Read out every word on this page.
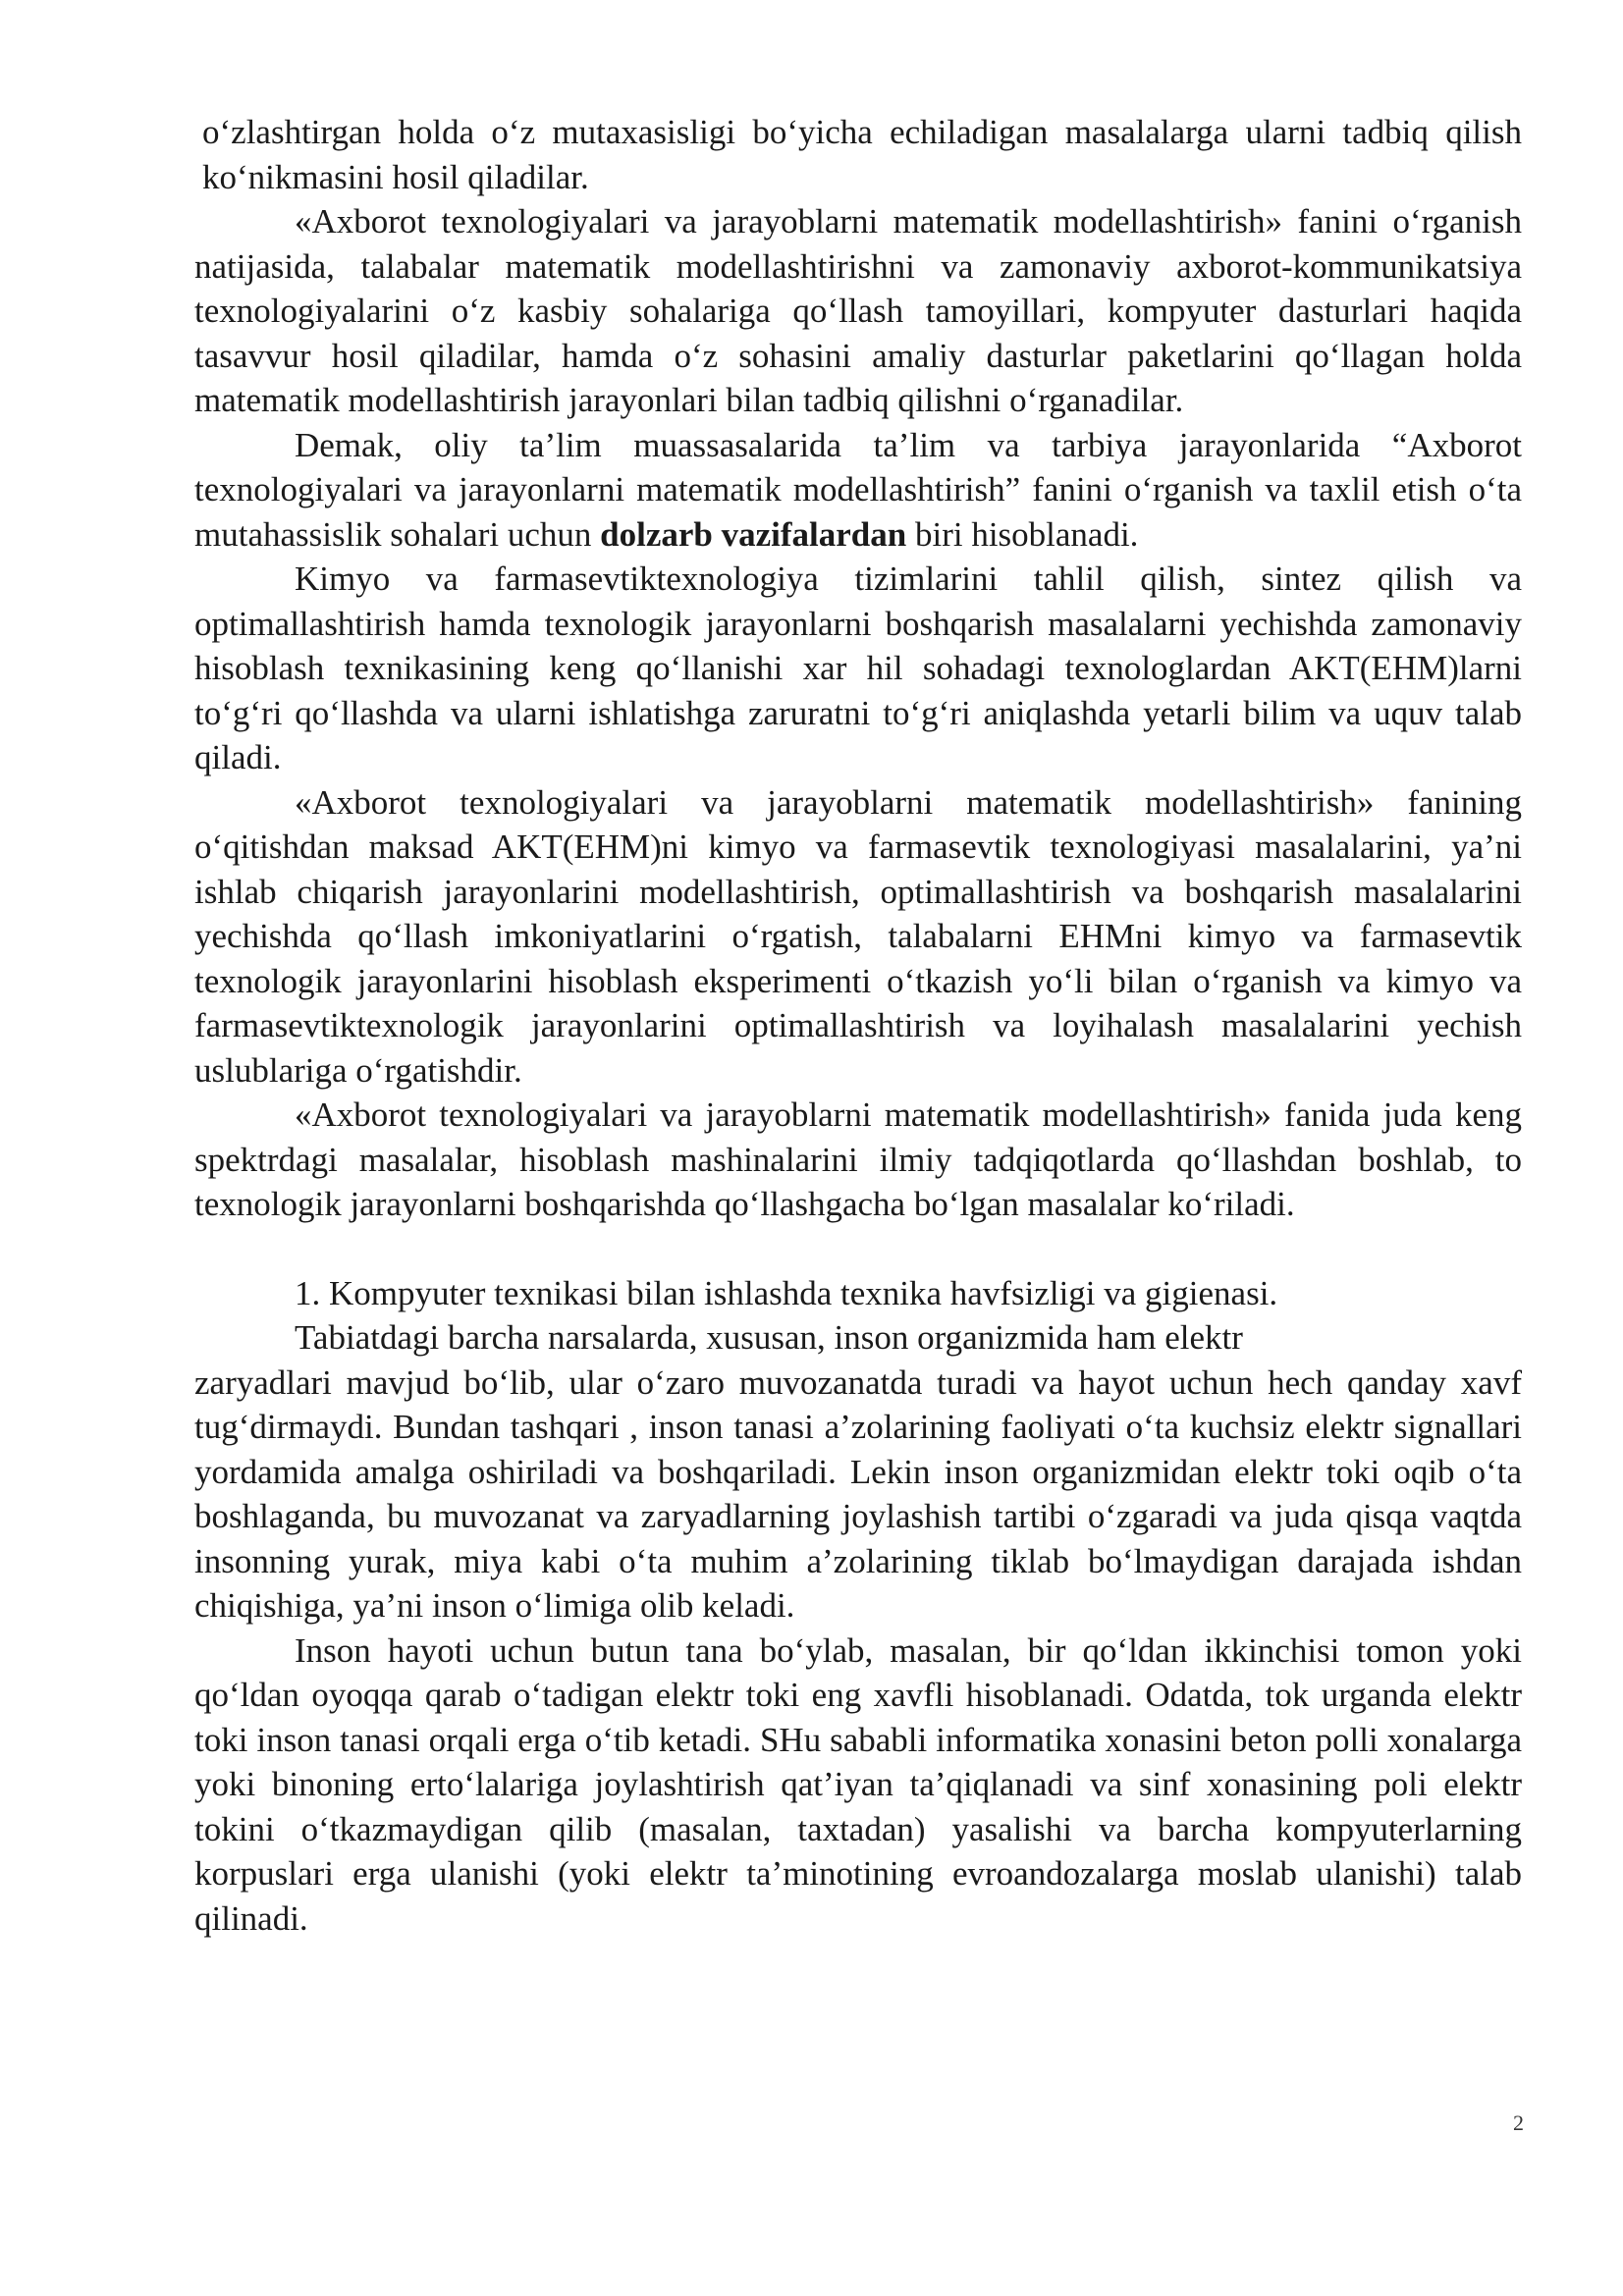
o‘zlashtirgan holda o‘z mutaxasisligi bo‘yicha echiladigan masalalarga ularni tadbiq qilish ko‘nikmasini hosil qiladilar.

«Axborot texnologiyalari va jarayoblarni matematik modellashtirish» fanini o‘rganish natijasida, talabalar matematik modellashtirishni va zamonaviy axborot-kommunikatsiya texnologiyalarini o‘z kasbiy sohalariga qo‘llash tamoyillari, kompyuter dasturlari haqida tasavvur hosil qiladilar, hamda o‘z sohasini amaliy dasturlar paketlarini qo‘llagan holda matematik modellashtirish jarayonlari bilan tadbiq qilishni o‘rganadilar.

Demak, oliy ta’lim muassasalarida ta’lim va tarbiya jarayonlarida “Axborot texnologiyalari va jarayonlarni matematik modellashtirish” fanini o‘rganish va taxlil etish o‘ta mutahassislik sohalari uchun dolzarb vazifalardan biri hisoblanadi.

Kimyo va farmasevtiktexnologiya tizimlarini tahlil qilish, sintez qilish va optimallashtirish hamda texnologik jarayonlarni boshqarish masalalarni yechishda zamonaviy hisoblash texnikasining keng qo‘llanishi xar hil sohadagi texnologlardan AKT(EHM)larni to‘g‘ri qo‘llashda va ularni ishlatishga zaruratni to‘g‘ri aniqlashda yetarli bilim va uquv talab qiladi.

«Axborot texnologiyalari va jarayoblarni matematik modellashtirish» fanining o‘qitishdan maksad AKT(EHM)ni kimyo va farmasevtik texnologiyasi masalalarini, ya’ni ishlab chiqarish jarayonlarini modellashtirish, optimallashtirish va boshqarish masalalarini yechishda qo‘llash imkoniyatlarini o‘rgatish, talabalarni EHMni kimyo va farmasevtik texnologik jarayonlarini hisoblash eksperimenti o‘tkazish yo‘li bilan o‘rganish va kimyo va farmasevtiktexnologik jarayonlarini optimallashtirish va loyihalash masalalarini yechish uslublariga o‘rgatishdir.

«Axborot texnologiyalari va jarayoblarni matematik modellashtirish» fanida juda keng spektrdagi masalalar, hisoblash mashinalarini ilmiy tadqiqotlarda qo‘llashdan boshlab, to texnologik jarayonlarni boshqarishda qo‘llashgacha bo‘lgan masalalar ko‘riladi.

1. Kompyuter texnikasi bilan ishlashda texnika havfsizligi va gigienasi.

Tabiatdagi barcha narsalarda, xususan, inson organizmida ham elektr

zaryadlari mavjud bo‘lib, ular o‘zaro muvozanatda turadi va hayot uchun hech qanday xavf tug‘dirmaydi. Bundan tashqari , inson tanasi a’zolarining faoliyati o‘ta kuchsiz elektr signallari yordamida amalga oshiriladi va boshqariladi. Lekin inson organizmidan elektr toki oqib o‘ta boshlaganda, bu muvozanat va zaryadlarning joylashish tartibi o‘zgaradi va juda qisqa vaqtda insonning yurak, miya kabi o‘ta muhim a’zolarining tiklab bo‘lmaydigan darajada ishdan chiqishiga, ya’ni inson o‘limiga olib keladi.

Inson hayoti uchun butun tana bo‘ylab, masalan, bir qo‘ldan ikkinchisi tomon yoki qo‘ldan oyoqqa qarab o‘tadigan elektr toki eng xavfli hisoblanadi. Odatda, tok urganda elektr toki inson tanasi orqali erga o‘tib ketadi. SHu sababli informatika xonasini beton polli xonalarga yoki binoning erto‘lalariga joylashtirish qat’iyan ta’qiqlanadi va sinf xonasining poli elektr tokini o‘tkazmaydigan qilib (masalan, taxtadan) yasalishi va barcha kompyuterlarning korpuslari erga ulanishi (yoki elektr ta’minotining evroandozalarga moslab ulanishi) talab qilinadi.

2
